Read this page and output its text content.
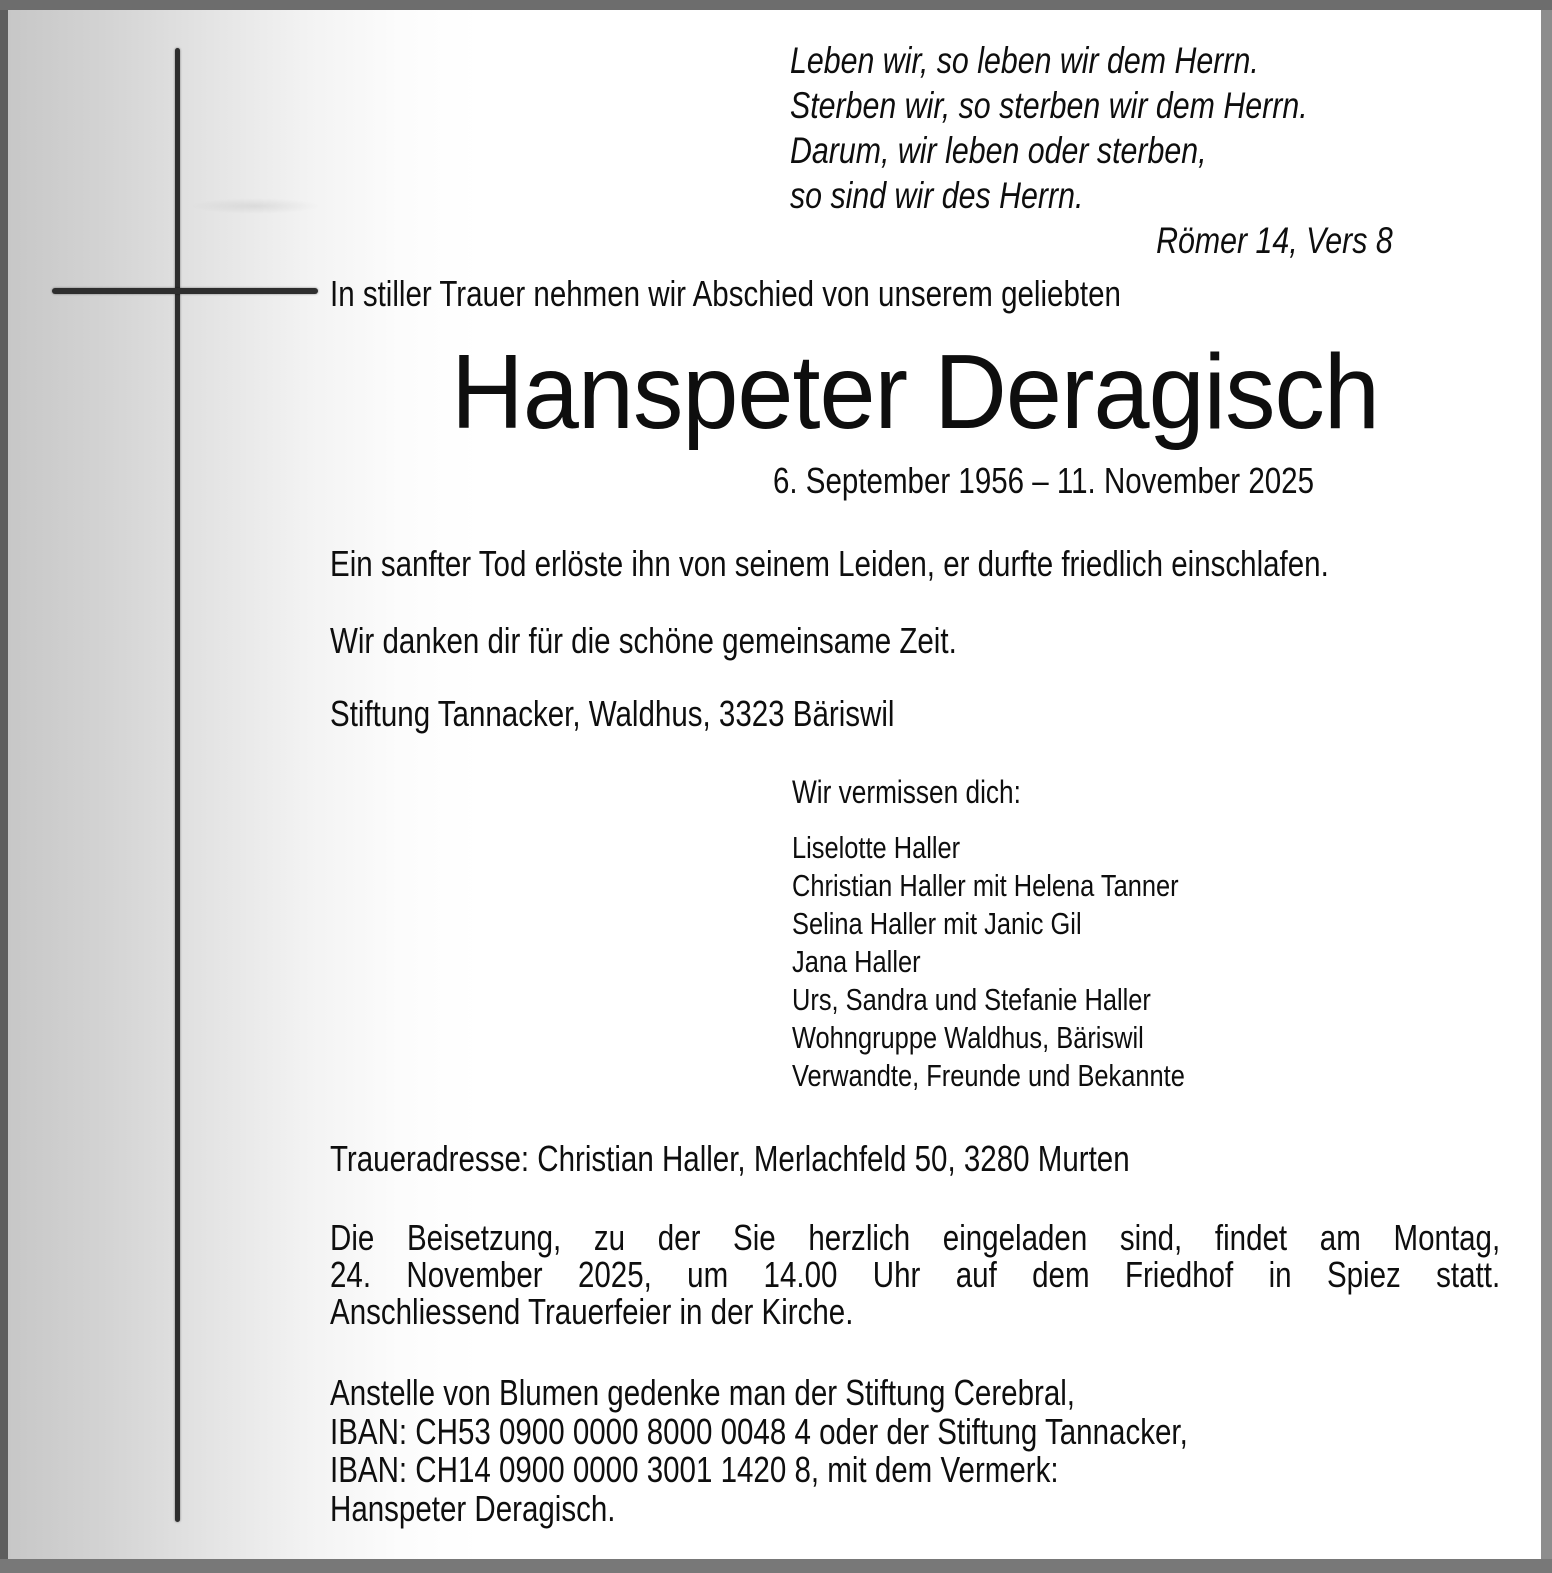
Leben wir, so leben wir dem Herrn.
Sterben wir, so sterben wir dem Herrn.
Darum, wir leben oder sterben,
so sind wir des Herrn.
Römer 14, Vers 8
In stiller Trauer nehmen wir Abschied von unserem geliebten
Hanspeter Deragisch
6. September 1956 – 11. November 2025
Ein sanfter Tod erlöste ihn von seinem Leiden, er durfte friedlich einschlafen.
Wir danken dir für die schöne gemeinsame Zeit.
Stiftung Tannacker, Waldhus, 3323 Bäriswil
Wir vermissen dich:
Liselotte Haller
Christian Haller mit Helena Tanner
Selina Haller mit Janic Gil
Jana Haller
Urs, Sandra und Stefanie Haller
Wohngruppe Waldhus, Bäriswil
Verwandte, Freunde und Bekannte
Traueradresse: Christian Haller, Merlachfeld 50, 3280 Murten
Die Beisetzung, zu der Sie herzlich eingeladen sind, findet am Montag,
24. November 2025, um 14.00 Uhr auf dem Friedhof in Spiez statt.
Anschliessend Trauerfeier in der Kirche.
Anstelle von Blumen gedenke man der Stiftung Cerebral,
IBAN: CH53 0900 0000 8000 0048 4 oder der Stiftung Tannacker,
IBAN: CH14 0900 0000 3001 1420 8, mit dem Vermerk:
Hanspeter Deragisch.
